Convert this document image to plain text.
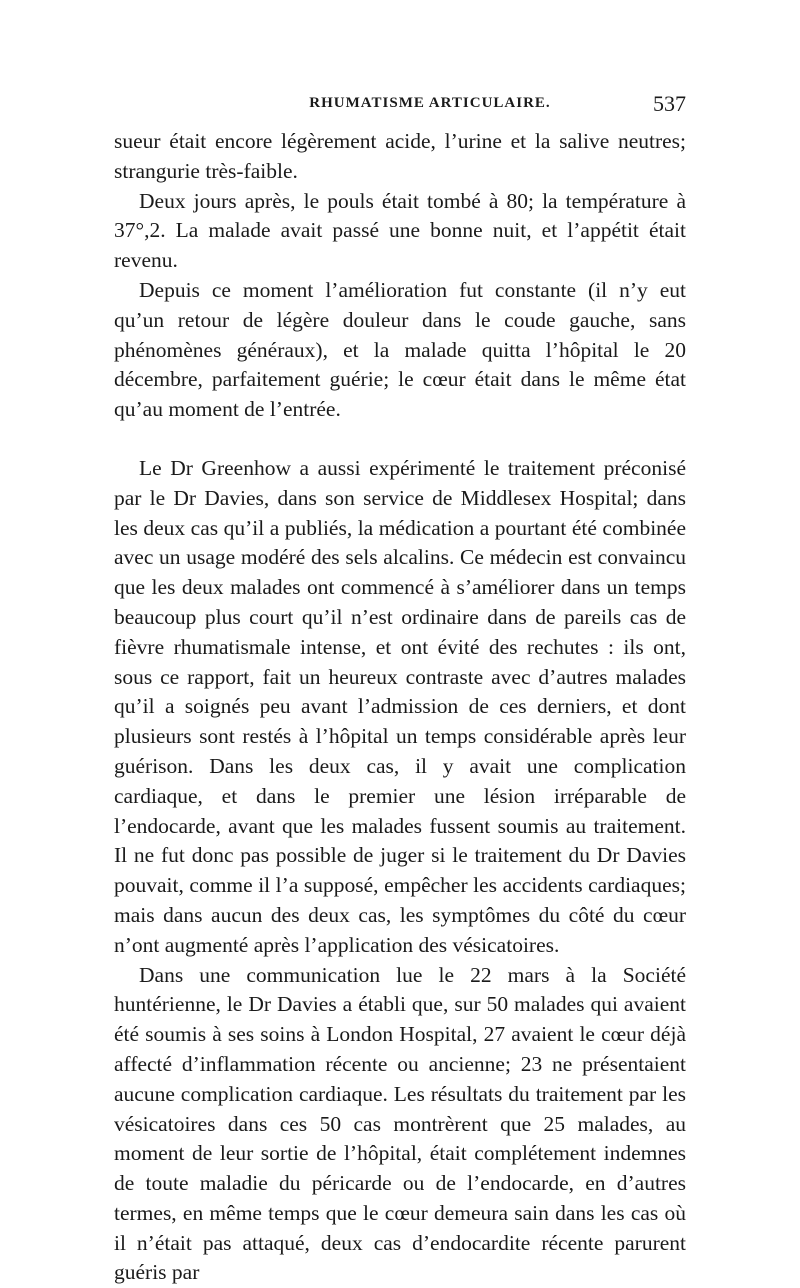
RHUMATISME ARTICULAIRE.	537

sueur était encore légèrement acide, l’urine et la salive neutres; strangurie très-faible.

Deux jours après, le pouls était tombé à 80; la température à 37°,2. La malade avait passé une bonne nuit, et l’appétit était revenu.

Depuis ce moment l’amélioration fut constante (il n’y eut qu’un retour de légère douleur dans le coude gauche, sans phénomènes généraux), et la malade quitta l’hôpital le 20 décembre, parfaitement guérie; le cœur était dans le même état qu’au moment de l’entrée.

Le Dr Greenhow a aussi expérimenté le traitement préconisé par le Dr Davies, dans son service de Middlesex Hospital; dans les deux cas qu’il a publiés, la médication a pourtant été combinée avec un usage modéré des sels alcalins. Ce médecin est convaincu que les deux malades ont commencé à s’améliorer dans un temps beaucoup plus court qu’il n’est ordinaire dans de pareils cas de fièvre rhumatismale intense, et ont évité des rechutes : ils ont, sous ce rapport, fait un heureux contraste avec d’autres malades qu’il a soignés peu avant l’admission de ces derniers, et dont plusieurs sont restés à l’hôpital un temps considérable après leur guérison. Dans les deux cas, il y avait une complication cardiaque, et dans le premier une lésion irréparable de l’endocarde, avant que les malades fussent soumis au traitement. Il ne fut donc pas possible de juger si le traitement du Dr Davies pouvait, comme il l’a supposé, empêcher les accidents cardiaques; mais dans aucun des deux cas, les symptômes du côté du cœur n’ont augmenté après l’application des vésicatoires.

Dans une communication lue le 22 mars à la Société huntérienne, le Dr Davies a établi que, sur 50 malades qui avaient été soumis à ses soins à London Hospital, 27 avaient le cœur déjà affecté d’inflammation récente ou ancienne; 23 ne présentaient aucune complication cardiaque. Les résultats du traitement par les vésicatoires dans ces 50 cas montrèrent que 25 malades, au moment de leur sortie de l’hôpital, était complétement indemnes de toute maladie du péricarde ou de l’endocarde, en d’autres termes, en même temps que le cœur demeura sain dans les cas où il n’était pas attaqué, deux cas d’endocardite récente parurent guéris par
